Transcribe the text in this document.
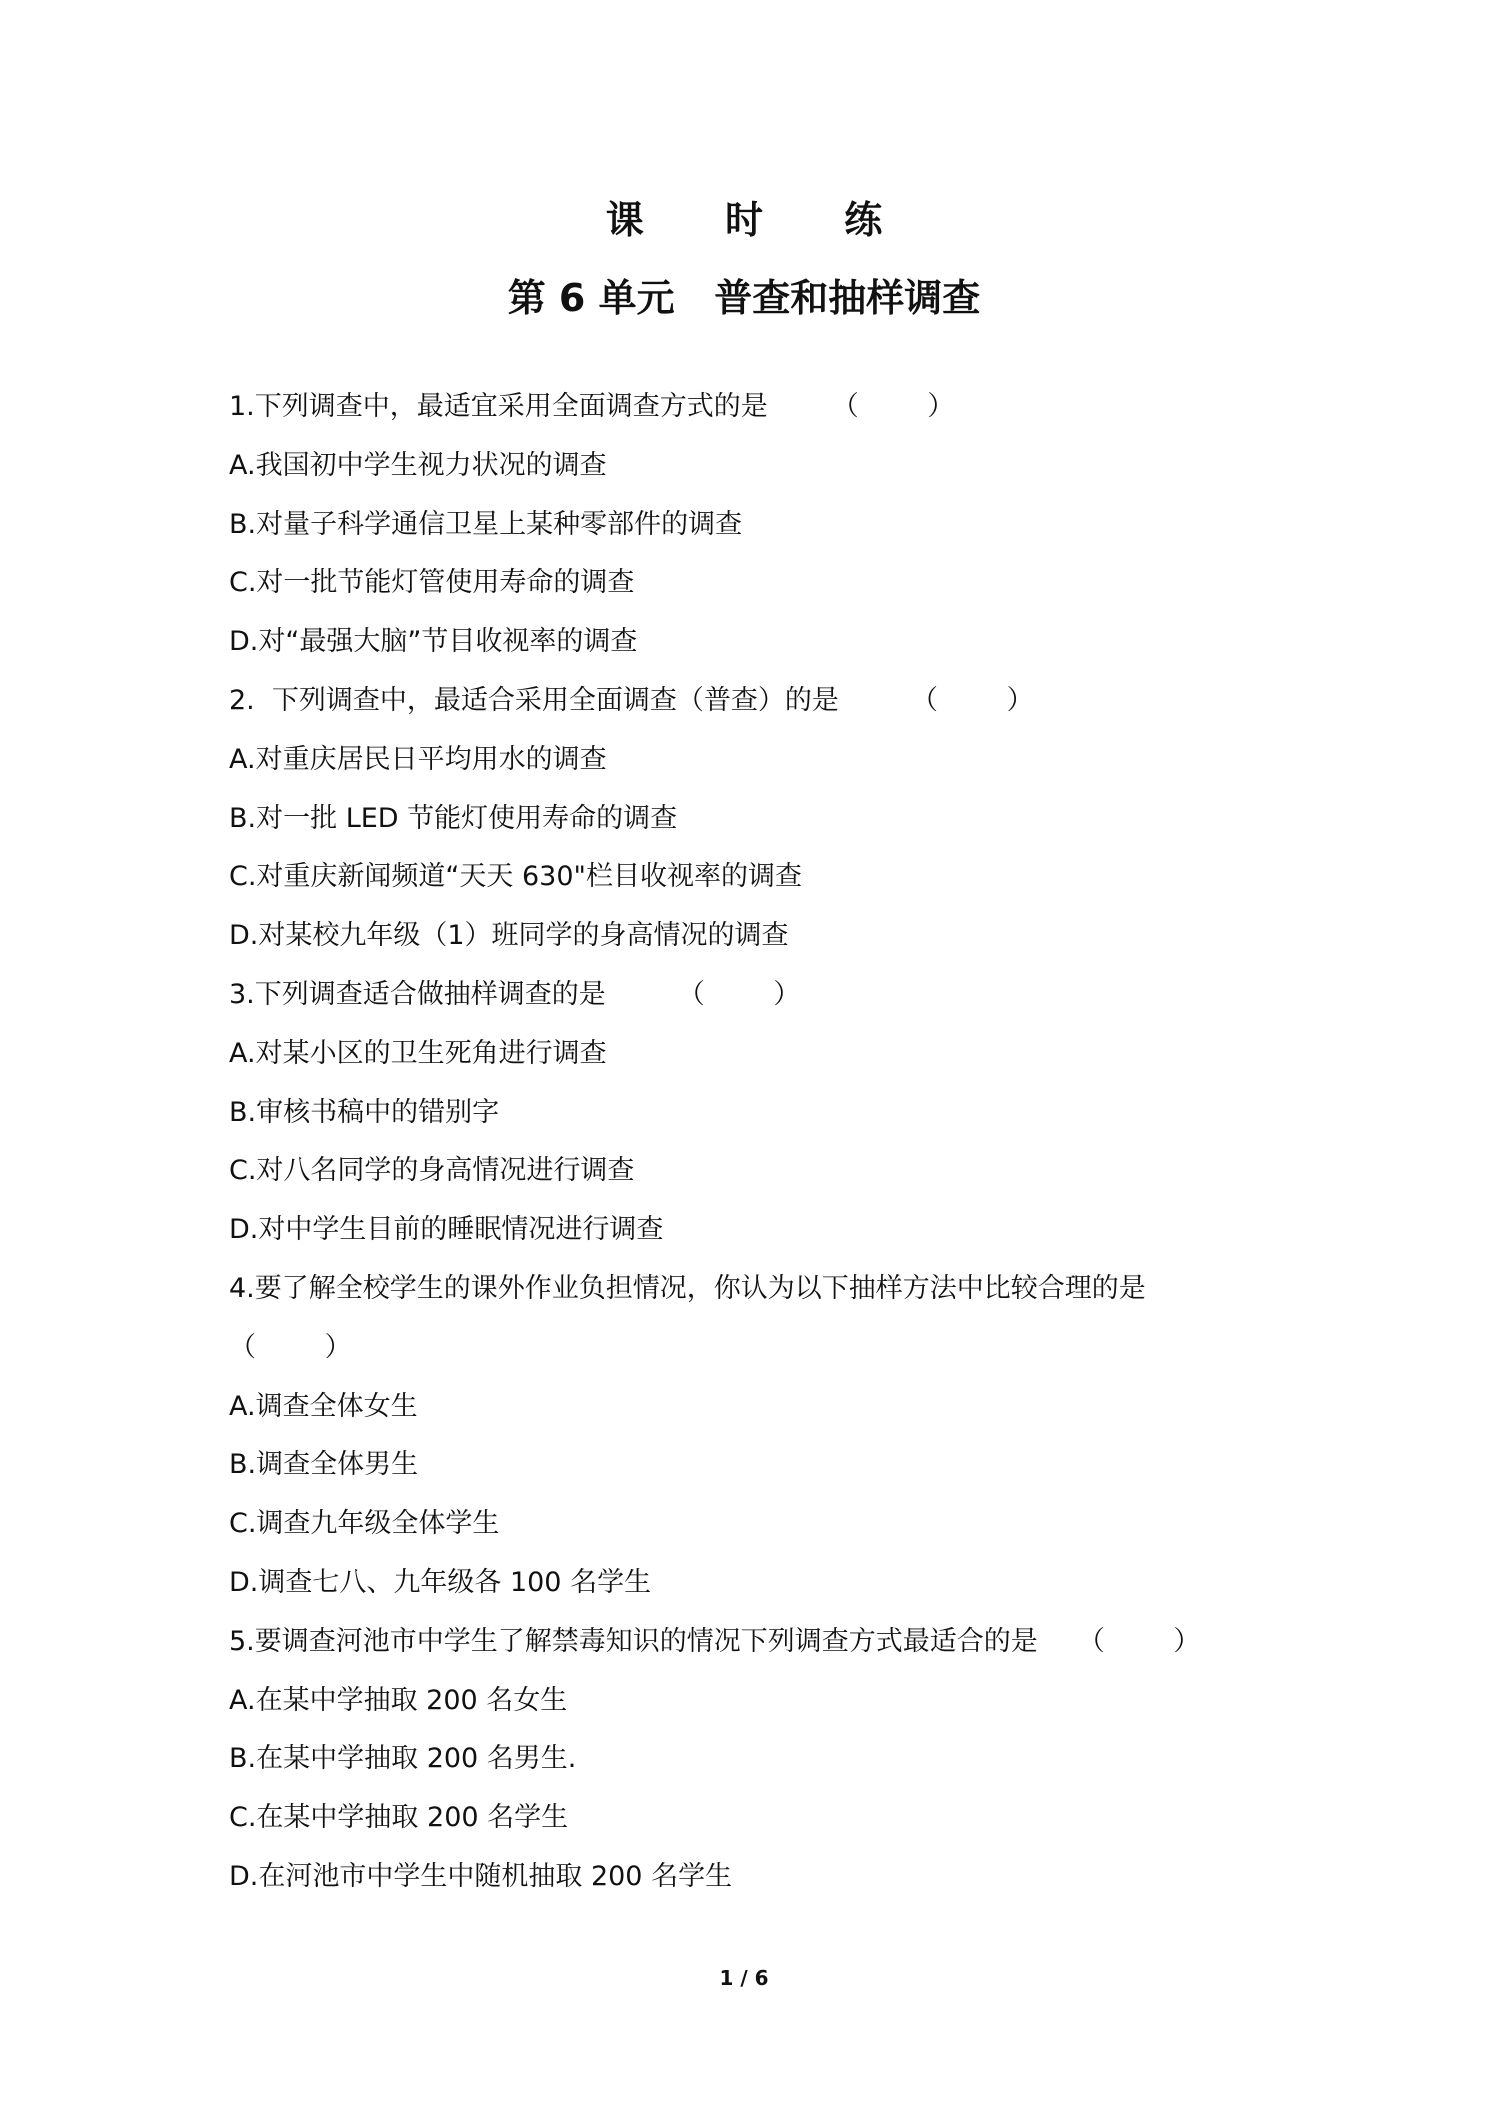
课 时 练
第 6 单元   普查和抽样调查
1.下列调查中，最适宜采用全面调查方式的是 （        ）
A.我国初中学生视力状况的调查
B.对量子科学通信卫星上某种零部件的调查
C.对一批节能灯管使用寿命的调查
D.对“最强大脑”节目收视率的调查
2.  下列调查中，最适合采用全面调查（普查）的是	（        ）
A.对重庆居民日平均用水的调查
B.对一批 LED 节能灯使用寿命的调查
C.对重庆新闻频道“天天 630"栏目收视率的调查
D.对某校九年级（1）班同学的身高情况的调查
3.下列调查适合做抽样调查的是	（        ）
A.对某小区的卫生死角进行调查
B.审核书稿中的错别字
C.对八名同学的身高情况进行调查
D.对中学生目前的睡眠情况进行调查
4.要了解全校学生的课外作业负担情况，你认为以下抽样方法中比较合理的是
（        ）
A.调查全体女生
B.调查全体男生
C.调查九年级全体学生
D.调查七八、九年级各 100 名学生
5.要调查河池市中学生了解禁毒知识的情况下列调查方式最适合的是 （        ）
A.在某中学抽取 200 名女生
B.在某中学抽取 200 名男生.
C.在某中学抽取 200 名学生
D.在河池市中学生中随机抽取 200 名学生
1 / 6
